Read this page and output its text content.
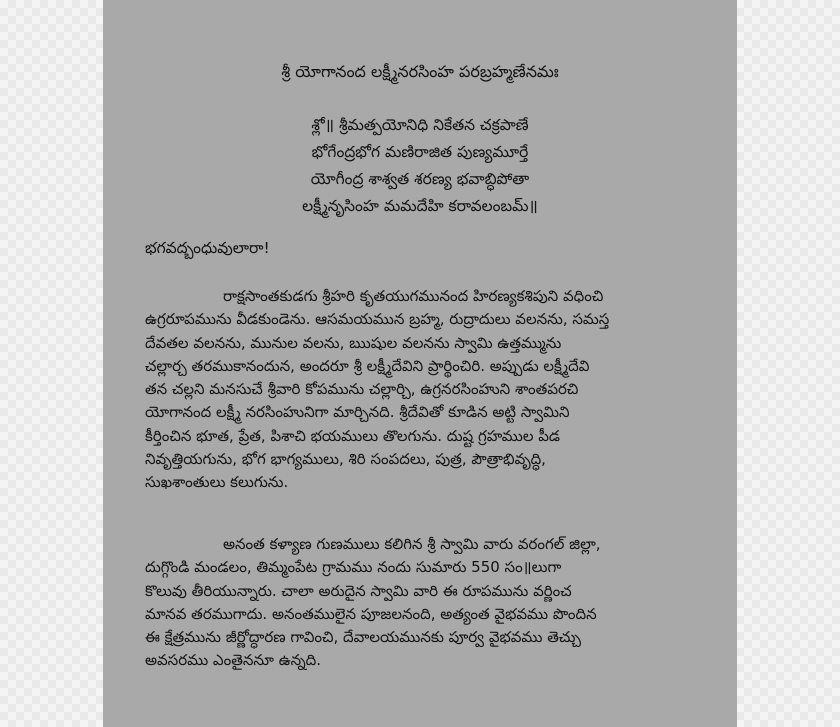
శ్రీ యోగానంద లక్ష్మీనరసింహ పరబ్రహ్మణేనమః
శ్లో॥ శ్రీమత్పయోనిధి నికేతన చక్రపాణే
భోగేంద్రభోగ మణిరాజిత పుణ్యమూర్తే
యోగీంద్ర శాశ్వత శరణ్య భవాబ్ధిపోతా
లక్ష్మీనృసింహ మమదేహి కరావలంబమ్॥
భగవద్బంధువులారా!
రాక్షసాంతకుడగు శ్రీహరి కృతయుగమునంద హిరణ్యకశిపుని వధించి
ఉగ్రరూపమును వీడకుండెను. ఆసమయమున బ్రహ్మ, రుద్రాదులు వలనను, సమస్త
దేవతల వలనను, మునుల వలను, ఋషుల వలనను స్వామి ఉత్తమ్మును
చల్లార్చ తరముకానందున, అందరూ శ్రీ లక్ష్మీదేవిని ప్రార్థించిరి. అప్పుడు లక్ష్మీదేవి
తన చల్లని మనసుచే శ్రీవారి కోపమును చల్లార్చి, ఉగ్రనరసింహుని శాంతపరచి
యోగానంద లక్ష్మీ నరసింహునిగా మార్చినది. శ్రీదేవితో కూడిన అట్టి స్వామిని
కీర్తించిన భూత, ప్రేత, పిశాచి భయములు తొలగును. దుష్ట గ్రహముల పీడ
నివృత్తియగును, భోగ భాగ్యములు, శిరి సంపదలు, పుత్ర, పౌత్రాభివృద్ధి,
సుఖశాంతులు కలుగును.
అనంత కళ్యాణ గుణములు కలిగిన శ్రీ స్వామి వారు వరంగల్ జిల్లా,
దుగ్గొండి మండలం, తిమ్మంపేట గ్రామము నందు సుమారు 550 సం॥లుగా
కొలువు తీరియున్నారు. చాలా అరుదైన స్వామి వారి ఈ రూపమును వర్ణించ
మానవ తరముగాదు. అనంతములైన పూజలనంది, అత్యంత వైభవము పొందిన
ఈ క్షేత్రమును జీర్ణోద్ధారణ గావించి, దేవాలయమునకు పూర్వ వైభవము తెచ్చు
అవసరము ఎంతైననూ ఉన్నది.
